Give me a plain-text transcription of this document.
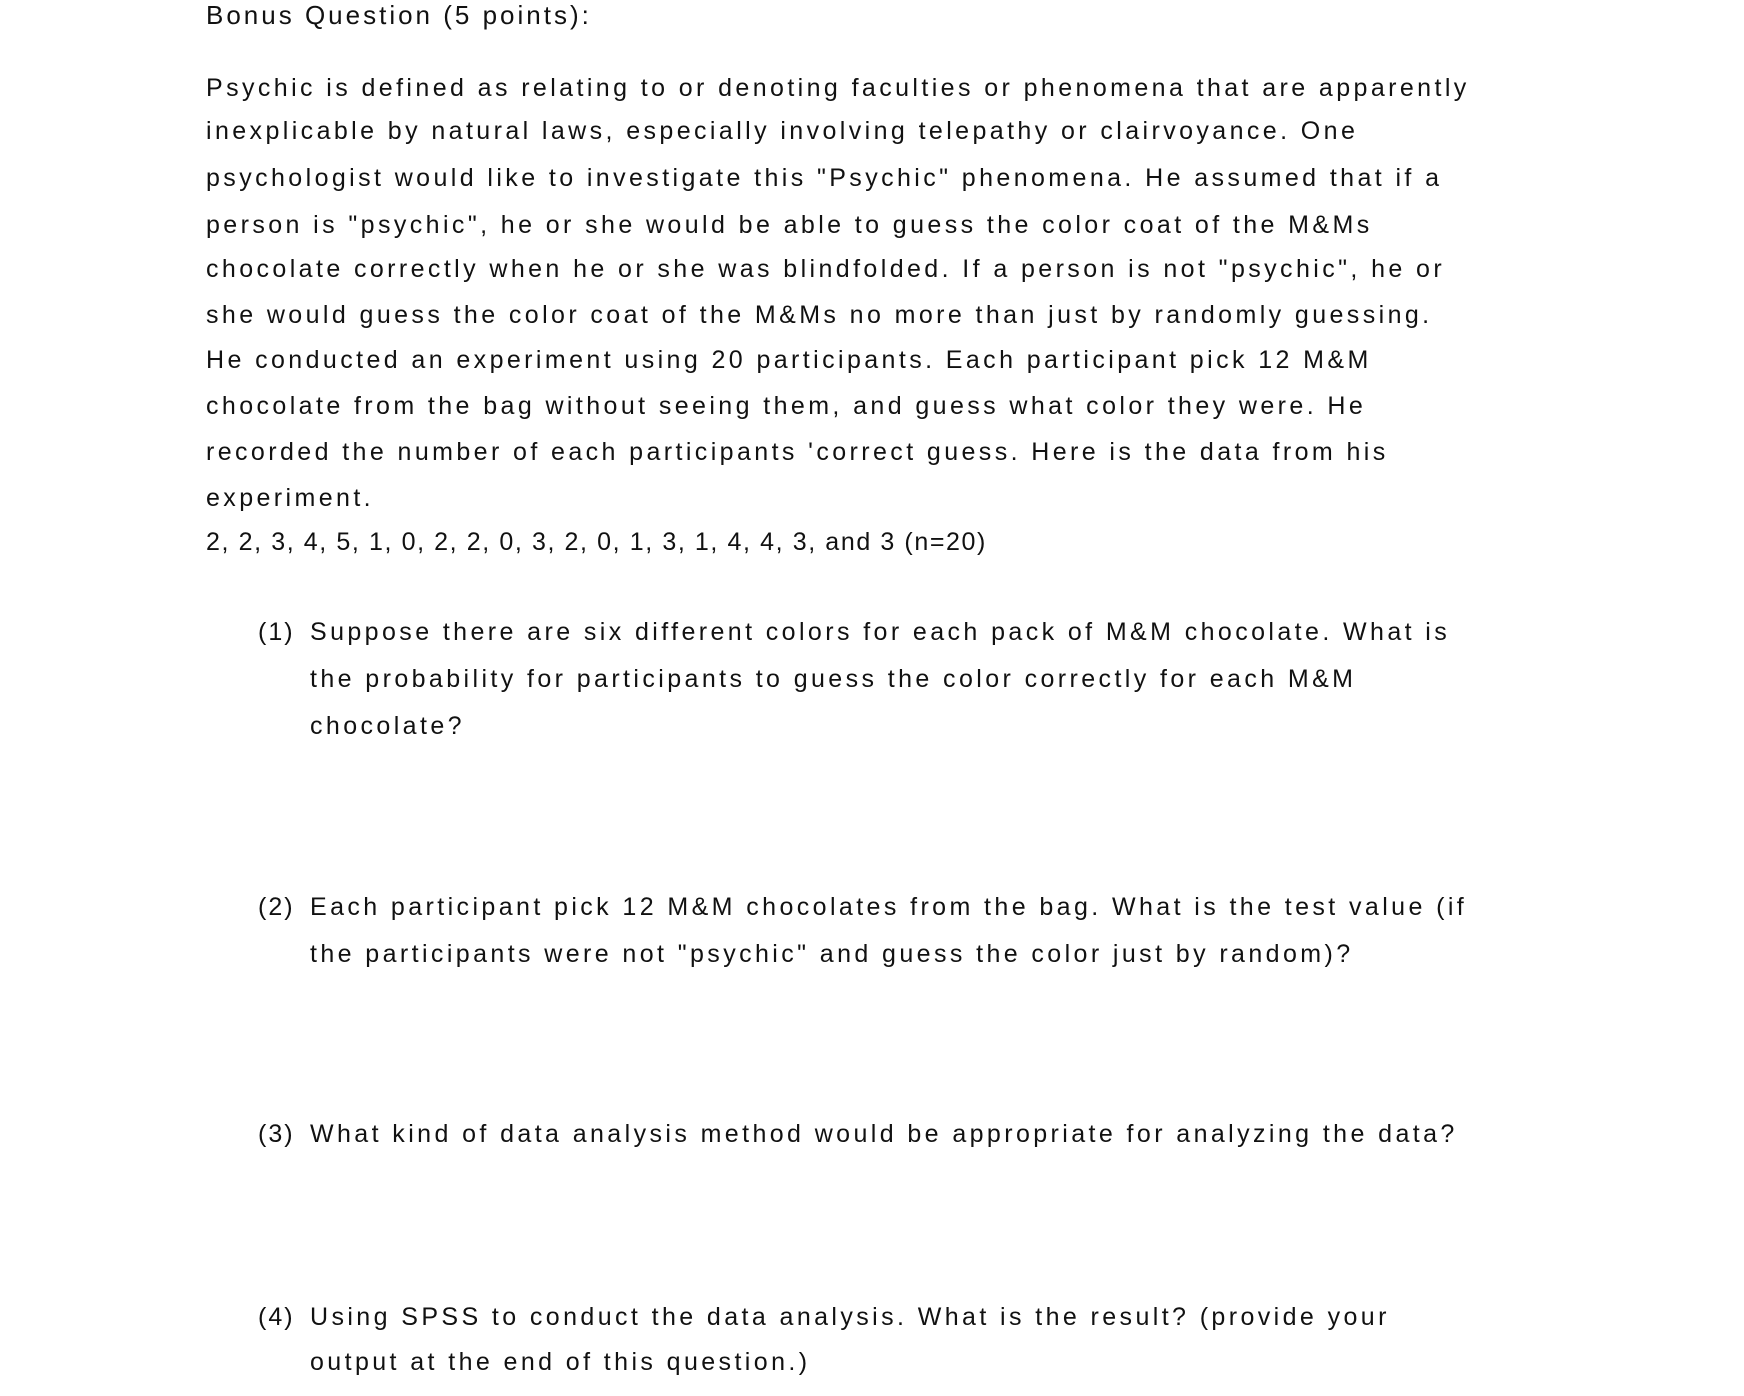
Bonus Question (5 points):
Psychic is defined as relating to or denoting faculties or phenomena that are apparently
inexplicable by natural laws, especially involving telepathy or clairvoyance. One
psychologist would like to investigate this "Psychic" phenomena. He assumed that if a
person is "psychic", he or she would be able to guess the color coat of the M&Ms
chocolate correctly when he or she was blindfolded. If a person is not "psychic", he or
she would guess the color coat of the M&Ms no more than just by randomly guessing.
He conducted an experiment using 20 participants. Each participant pick 12 M&M
chocolate from the bag without seeing them, and guess what color they were. He
recorded the number of each participants 'correct guess. Here is the data from his
experiment.
2, 2, 3, 4, 5, 1, 0, 2, 2, 0, 3, 2, 0, 1, 3, 1, 4, 4, 3, and 3 (n=20)
(1) Suppose there are six different colors for each pack of M&M chocolate. What is
the probability for participants to guess the color correctly for each M&M
chocolate?
(2) Each participant pick 12 M&M chocolates from the bag. What is the test value (if
the participants were not "psychic" and guess the color just by random)?
(3) What kind of data analysis method would be appropriate for analyzing the data?
(4) Using SPSS to conduct the data analysis. What is the result? (provide your
output at the end of this question.)
